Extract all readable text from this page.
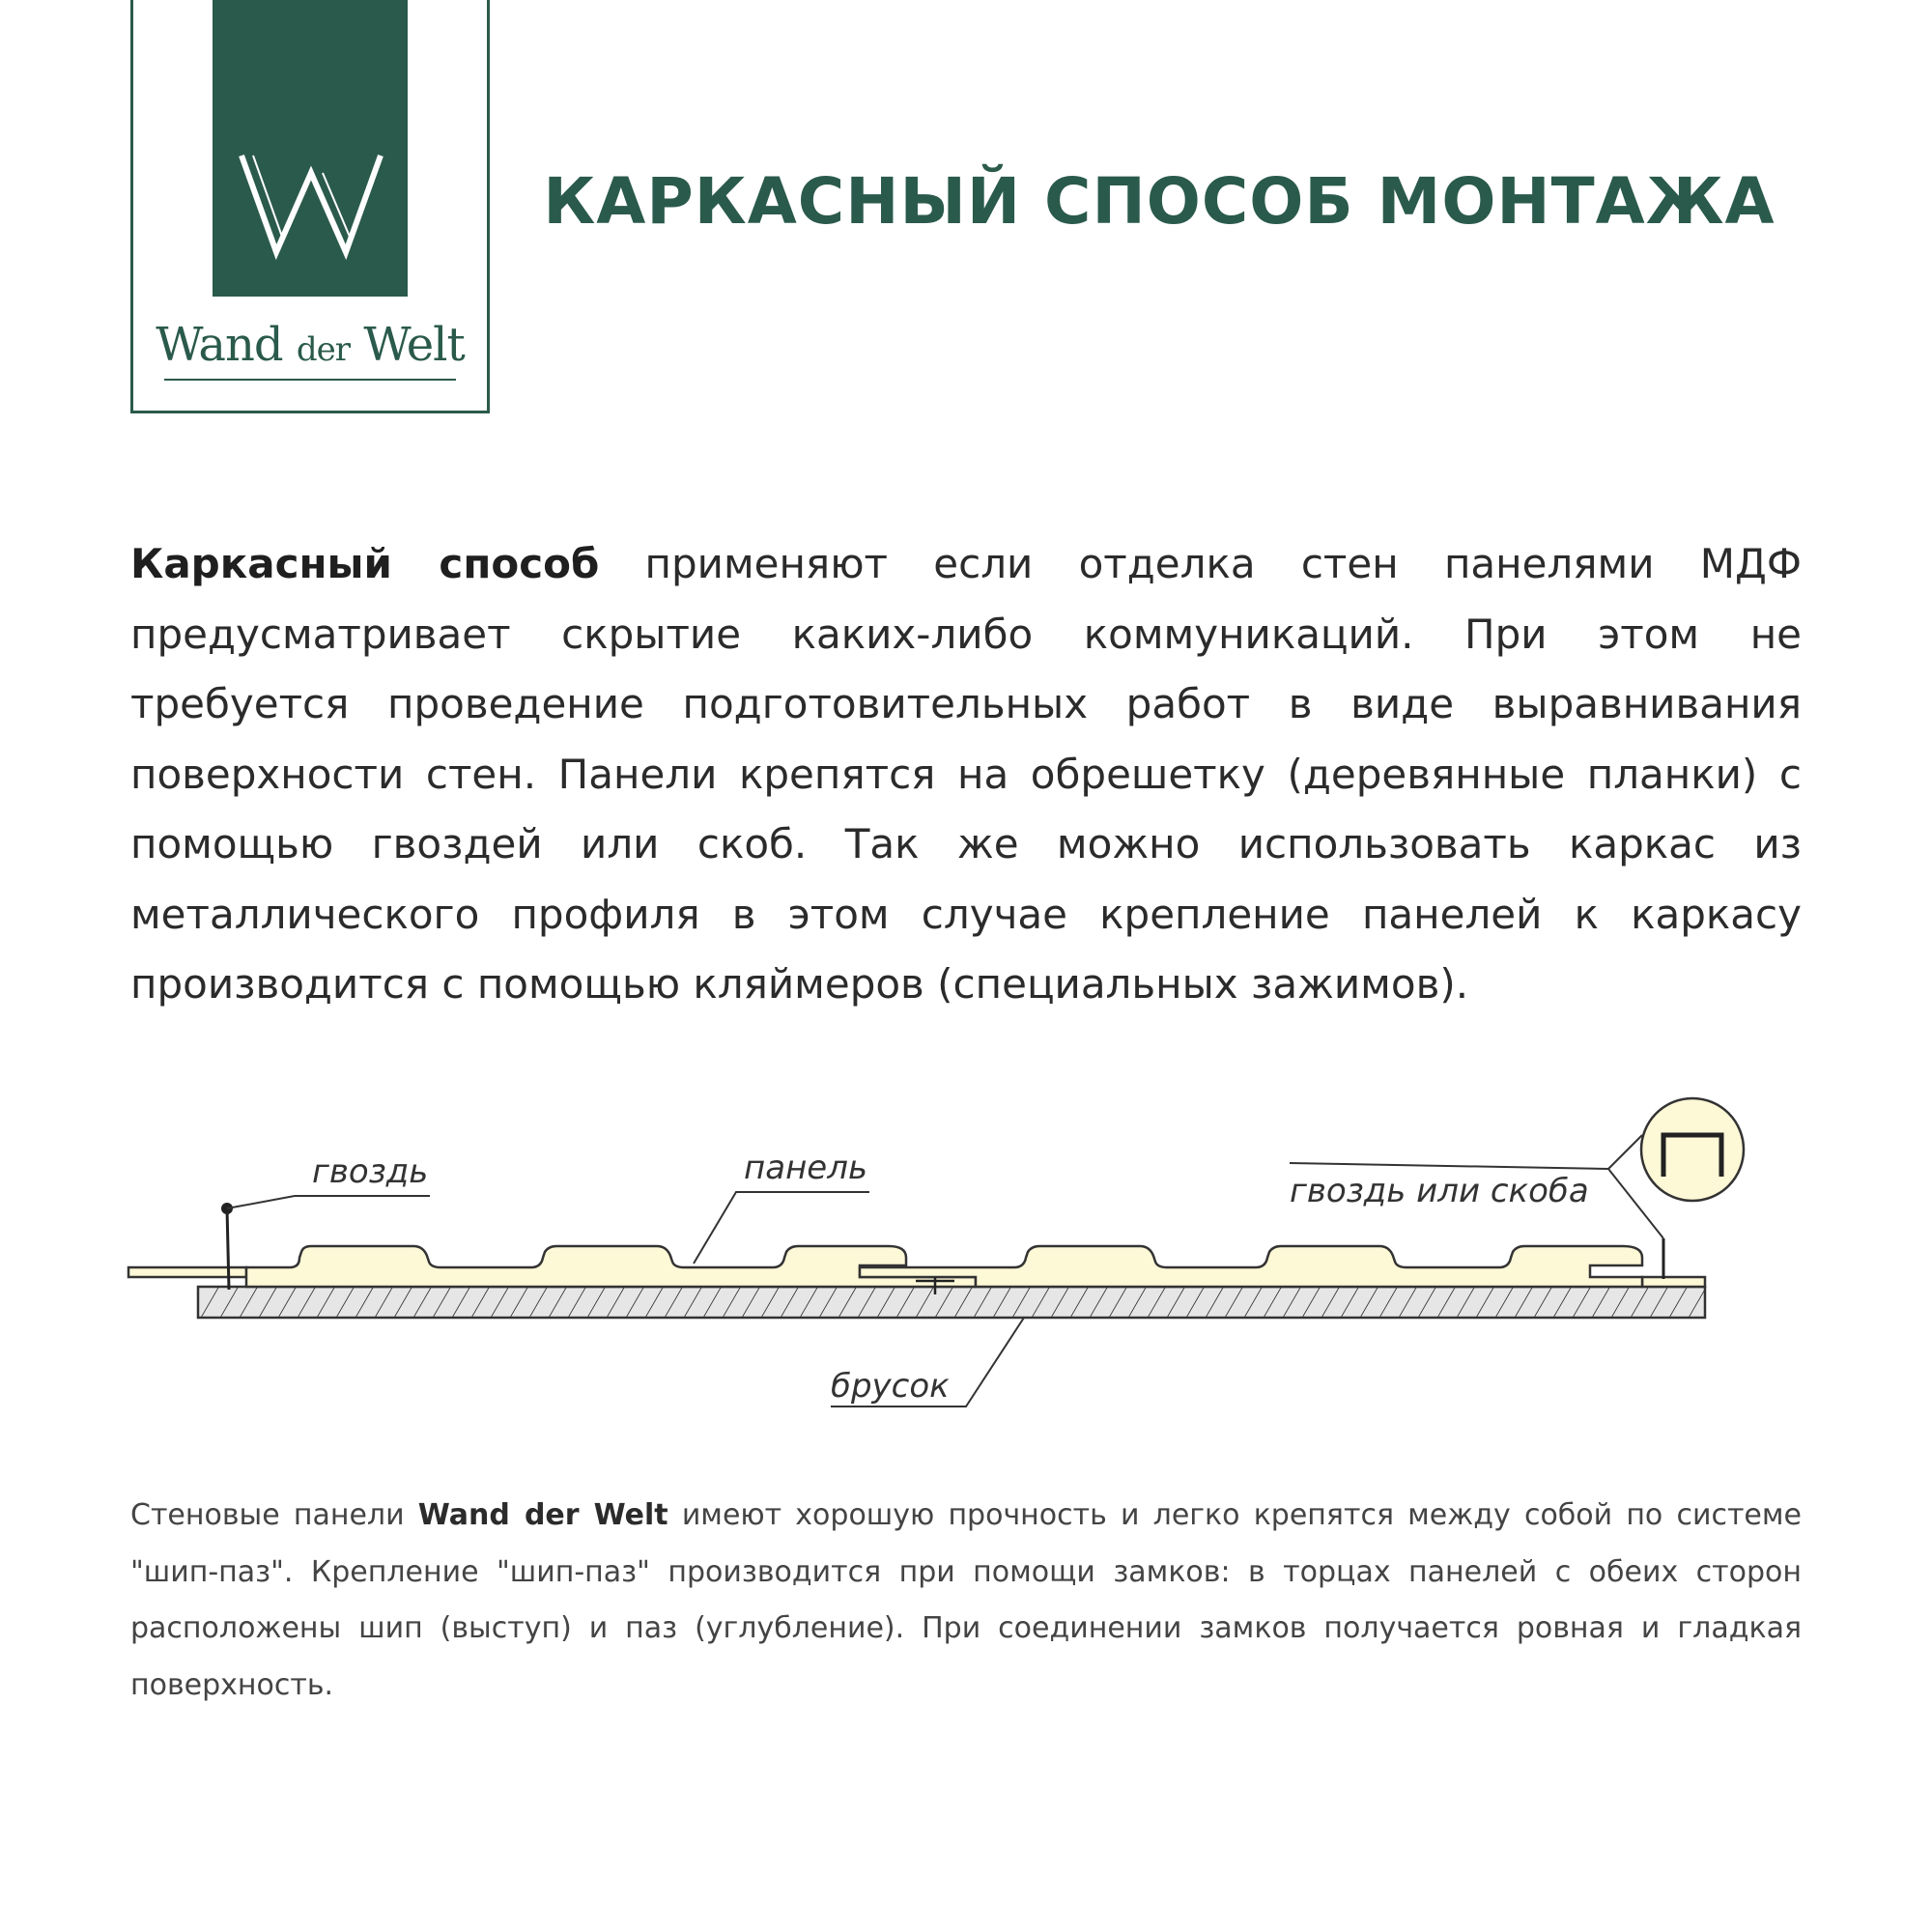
Wand der Welt
КАРКАСНЫЙ СПОСОБ МОНТАЖА
Каркасный способ применяют если отделка стен панелями МДФ предусматривает скрытие каких-либо коммуникаций. При этом не требуется проведение подготовительных работ в виде выравнивания поверхности стен. Панели крепятся на обрешетку (деревянные планки) с помощью гвоздей или скоб. Так же можно использовать каркас из металлического профиля в этом случае крепление панелей к каркасу производится с помощью кляймеров (специальных зажимов).
гвоздь	панель
гвоздь или скоба
брусок
Стеновые панели Wand der Welt имеют хорошую прочность и легко крепятся между собой по системе "шип-паз". Крепление "шип-паз" производится при помощи замков: в торцах панелей с обеих сторон расположены шип (выступ) и паз (углубление). При соединении замков получается ровная и гладкая поверхность.
